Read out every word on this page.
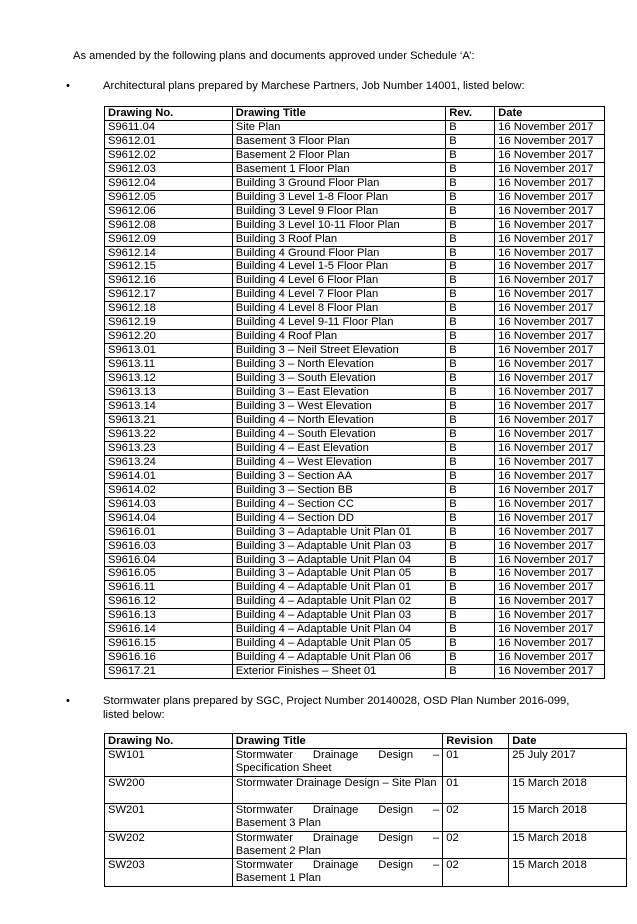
As amended by the following plans and documents approved under Schedule ‘A’:
•	Architectural plans prepared by Marchese Partners, Job Number 14001, listed below:
Drawing No.	Drawing Title	Rev.	Date
S9611.04	Site Plan	B	16 November 2017
S9612.01	Basement 3 Floor Plan	B	16 November 2017
S9612.02	Basement 2 Floor Plan	B	16 November 2017
S9612.03	Basement 1 Floor Plan	B	16 November 2017
S9612.04	Building 3 Ground Floor Plan	B	16 November 2017
S9612.05	Building 3 Level 1-8 Floor Plan	B	16 November 2017
S9612.06	Building 3 Level 9 Floor Plan	B	16 November 2017
S9612.08	Building 3 Level 10-11 Floor Plan	B	16 November 2017
S9612.09	Building 3 Roof Plan	B	16 November 2017
S9612.14	Building 4 Ground Floor Plan	B	16 November 2017
S9612.15	Building 4 Level 1-5 Floor Plan	B	16 November 2017
S9612.16	Building 4 Level 6 Floor Plan	B	16 November 2017
S9612.17	Building 4 Level 7 Floor Plan	B	16 November 2017
S9612.18	Building 4 Level 8 Floor Plan	B	16 November 2017
S9612.19	Building 4 Level 9-11 Floor Plan	B	16 November 2017
S9612.20	Building 4 Roof Plan	B	16 November 2017
S9613.01	Building 3 – Neil Street Elevation	B	16 November 2017
S9613.11	Building 3 – North Elevation	B	16 November 2017
S9613.12	Building 3 – South Elevation	B	16 November 2017
S9613.13	Building 3 – East Elevation	B	16 November 2017
S9613.14	Building 3 – West Elevation	B	16 November 2017
S9613.21	Building 4 – North Elevation	B	16 November 2017
S9613.22	Building 4 – South Elevation	B	16 November 2017
S9613.23	Building 4 – East Elevation	B	16 November 2017
S9613.24	Building 4 – West Elevation	B	16 November 2017
S9614.01	Building 3 – Section AA	B	16 November 2017
S9614.02	Building 3 – Section BB	B	16 November 2017
S9614.03	Building 4 – Section CC	B	16 November 2017
S9614.04	Building 4 – Section DD	B	16 November 2017
S9616.01	Building 3 – Adaptable Unit Plan 01	B	16 November 2017
S9616.03	Building 3 – Adaptable Unit Plan 03	B	16 November 2017
S9616.04	Building 3 – Adaptable Unit Plan 04	B	16 November 2017
S9616.05	Building 3 – Adaptable Unit Plan 05	B	16 November 2017
S9616.11	Building 4 – Adaptable Unit Plan 01	B	16 November 2017
S9616.12	Building 4 – Adaptable Unit Plan 02	B	16 November 2017
S9616.13	Building 4 – Adaptable Unit Plan 03	B	16 November 2017
S9616.14	Building 4 – Adaptable Unit Plan 04	B	16 November 2017
S9616.15	Building 4 – Adaptable Unit Plan 05	B	16 November 2017
S9616.16	Building 4 – Adaptable Unit Plan 06	B	16 November 2017
S9617.21	Exterior Finishes – Sheet 01	B	16 November 2017
•	Stormwater plans prepared by SGC, Project Number 20140028, OSD Plan Number 2016-099, listed below:
Drawing No.	Drawing Title	Revision	Date
SW101	Stormwater Drainage Design – Specification Sheet	01	25 July 2017
SW200	Stormwater Drainage Design – Site Plan	01	15 March 2018
SW201	Stormwater Drainage Design – Basement 3 Plan	02	15 March 2018
SW202	Stormwater Drainage Design – Basement 2 Plan	02	15 March 2018
SW203	Stormwater Drainage Design – Basement 1 Plan	02	15 March 2018
